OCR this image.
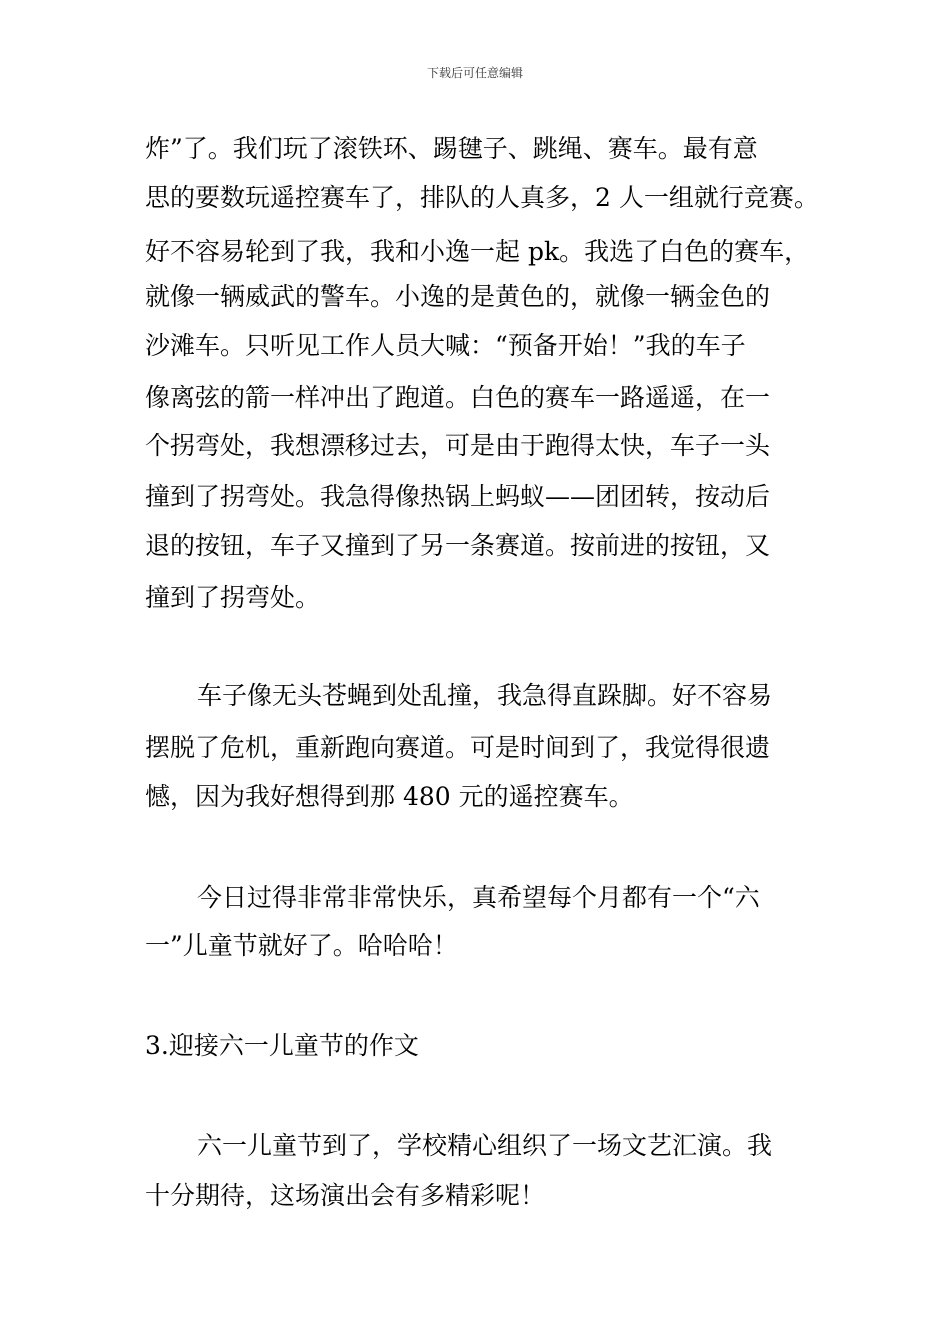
下载后可任意编辑
炸”了。我们玩了滚铁环、踢毽子、跳绳、赛车。最有意
思的要数玩遥控赛车了，排队的人真多，2 人一组就行竞赛。
好不容易轮到了我，我和小逸一起 pk。我选了白色的赛车，
就像一辆威武的警车。小逸的是黄色的，就像一辆金色的
沙滩车。只听见工作人员大喊：“预备开始！”我的车子
像离弦的箭一样冲出了跑道。白色的赛车一路遥遥，在一
个拐弯处，我想漂移过去，可是由于跑得太快，车子一头
撞到了拐弯处。我急得像热锅上蚂蚁——团团转，按动后
退的按钮，车子又撞到了另一条赛道。按前进的按钮，又
撞到了拐弯处。
车子像无头苍蝇到处乱撞，我急得直跺脚。好不容易
摆脱了危机，重新跑向赛道。可是时间到了，我觉得很遗
憾，因为我好想得到那 480 元的遥控赛车。
今日过得非常非常快乐，真希望每个月都有一个“六
一”儿童节就好了。哈哈哈！
3.迎接六一儿童节的作文
六一儿童节到了，学校精心组织了一场文艺汇演。我
十分期待，这场演出会有多精彩呢！
